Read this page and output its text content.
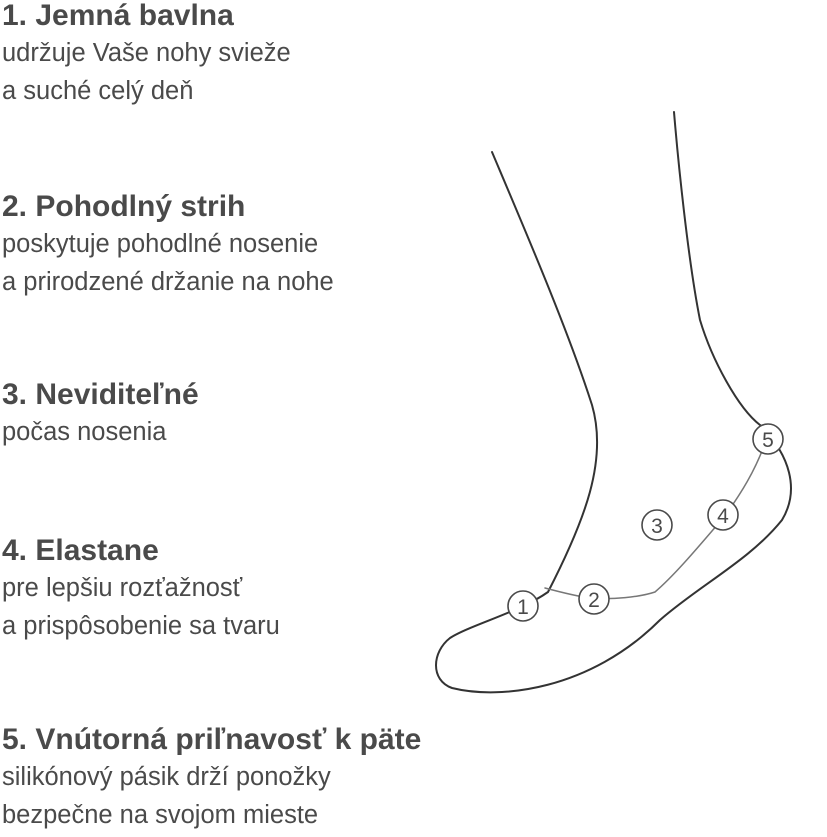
1. Jemná bavlna
udržuje Vaše nohy svieže
a suché celý deň
2. Pohodlný strih
poskytuje pohodlné nosenie
a prirodzené držanie na nohe
3. Neviditeľné
počas nosenia
4. Elastane
pre lepšiu rozťažnosť
a prispôsobenie sa tvaru
5. Vnútorná priľnavosť k päte
silikónový pásik drží ponožky
bezpečne na svojom mieste
1	2
3	4
5
